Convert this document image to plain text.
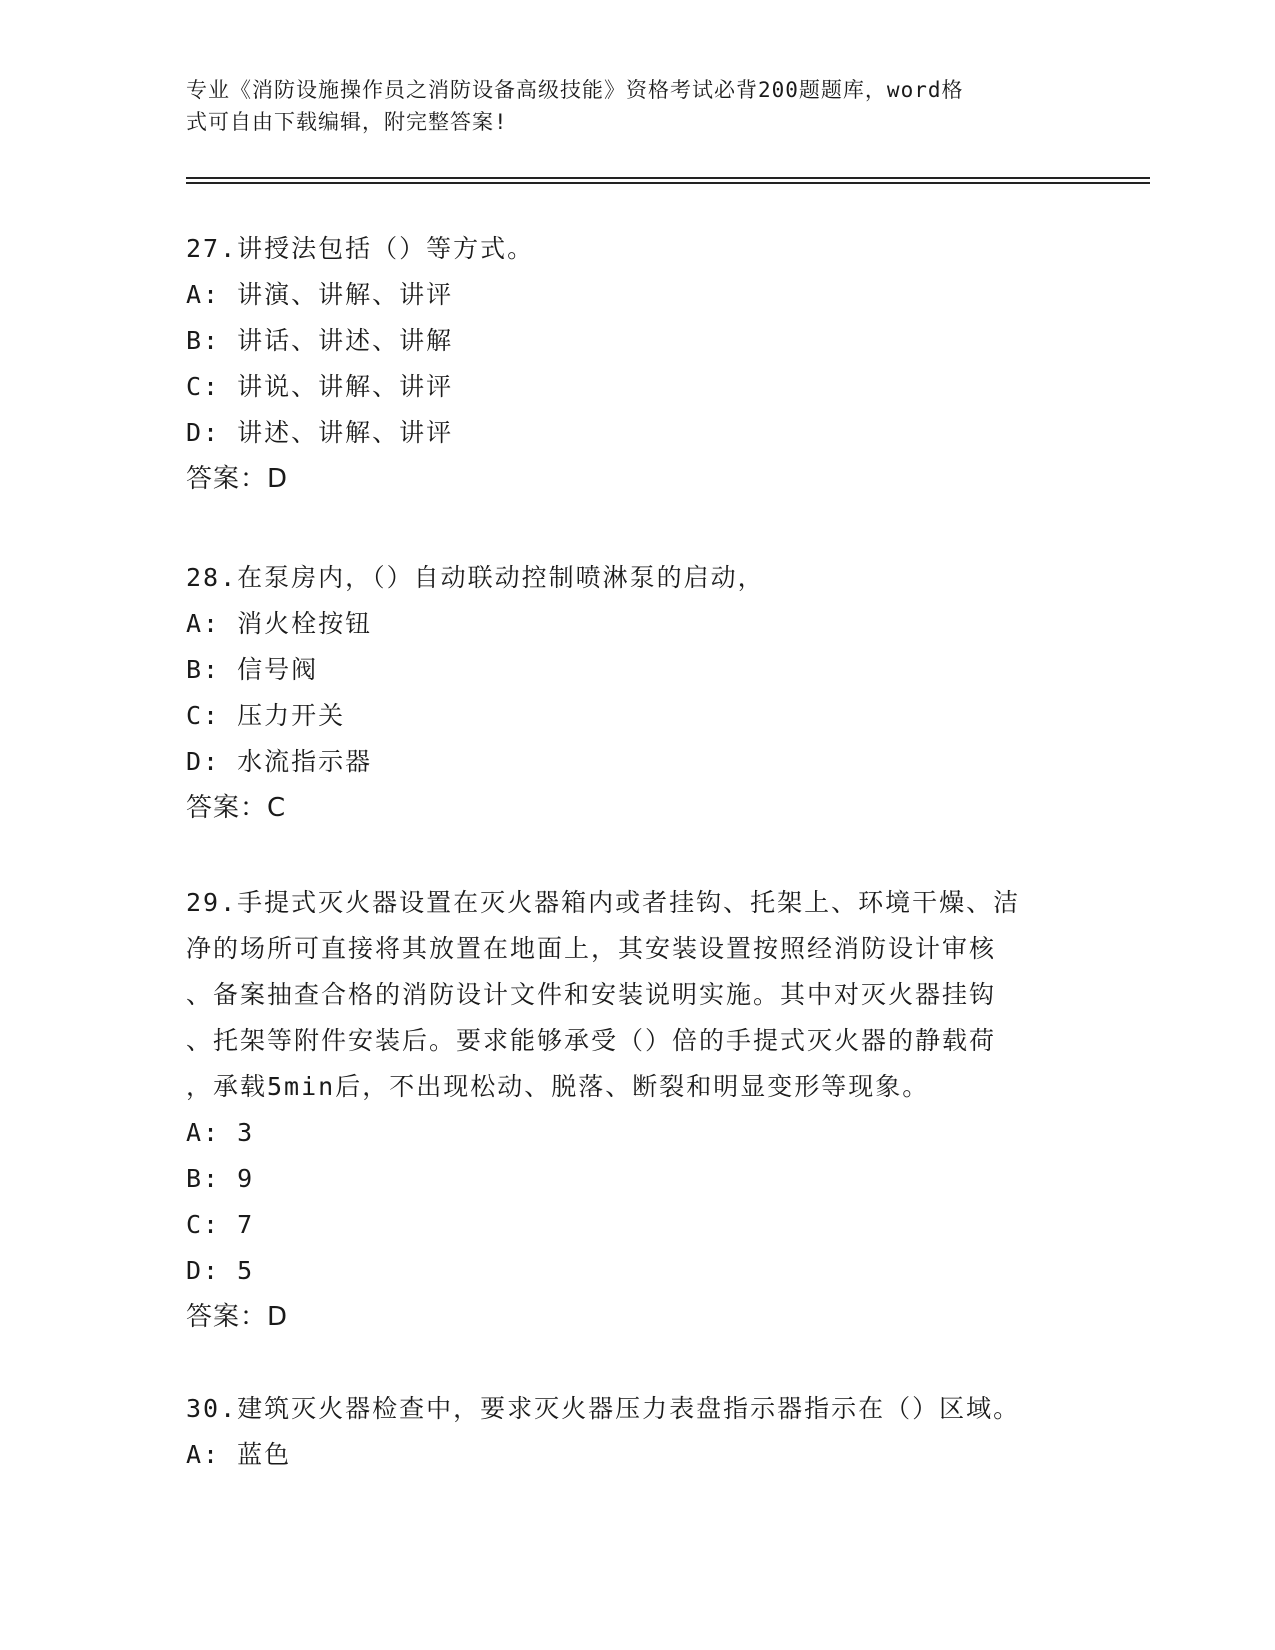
专业《消防设施操作员之消防设备高级技能》资格考试必背200题题库，word格
式可自由下载编辑，附完整答案!
27.讲授法包括（）等方式。
A: 讲演、讲解、讲评
B: 讲话、讲述、讲解
C: 讲说、讲解、讲评
D: 讲述、讲解、讲评
答案：D
28.在泵房内，（）自动联动控制喷淋泵的启动，
A: 消火栓按钮
B: 信号阀
C: 压力开关
D: 水流指示器
答案：C
29.手提式灭火器设置在灭火器箱内或者挂钩、托架上、环境干燥、洁
净的场所可直接将其放置在地面上，其安装设置按照经消防设计审核
、备案抽查合格的消防设计文件和安装说明实施。其中对灭火器挂钩
、托架等附件安装后。要求能够承受（）倍的手提式灭火器的静载荷
，承载5min后，不出现松动、脱落、断裂和明显变形等现象。
A: 3
B: 9
C: 7
D: 5
答案：D
30.建筑灭火器检查中，要求灭火器压力表盘指示器指示在（）区域。
A: 蓝色
